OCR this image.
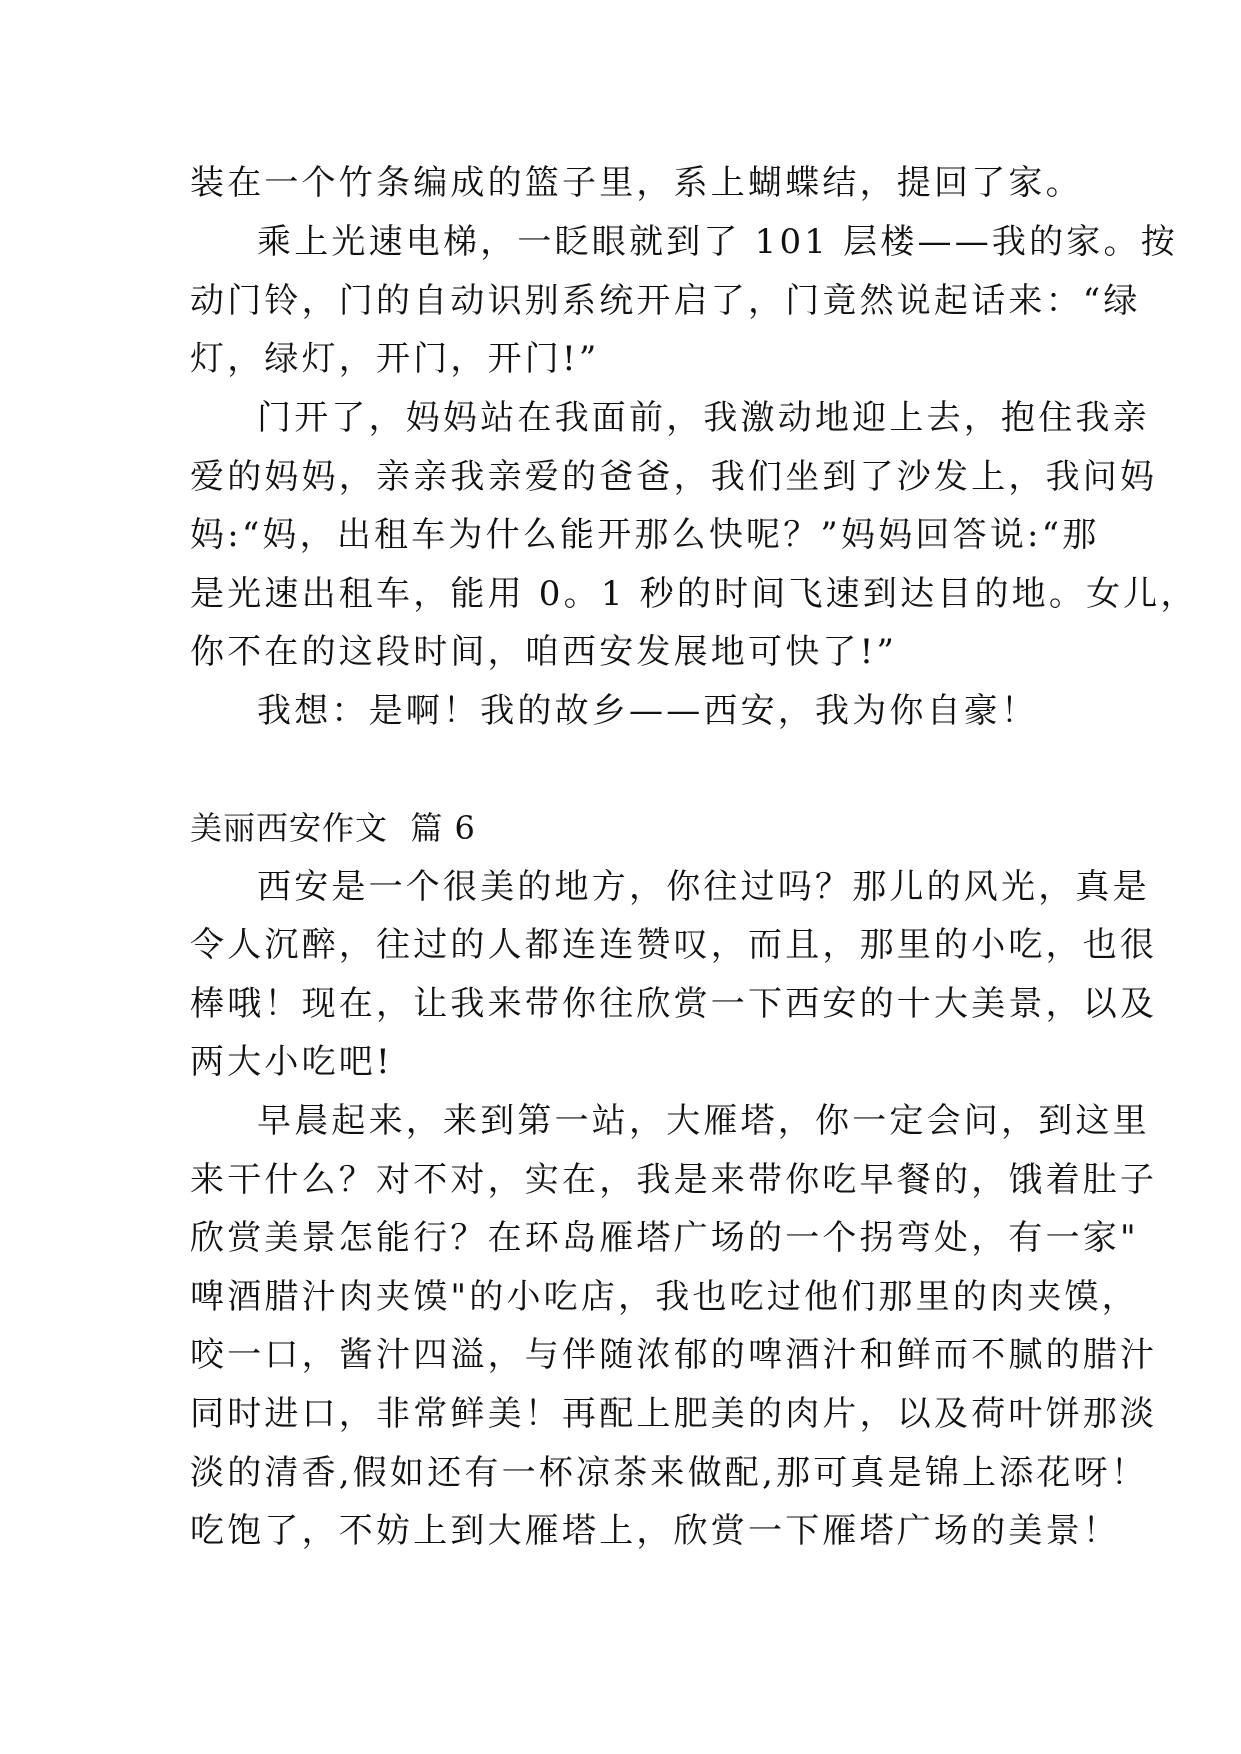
装在一个竹条编成的篮子里，系上蝴蝶结，提回了家。
乘上光速电梯，一眨眼就到了 101 层楼——我的家。按
动门铃，门的自动识别系统开启了，门竟然说起话来：“绿
灯，绿灯，开门，开门!”
门开了，妈妈站在我面前，我激动地迎上去，抱住我亲
爱的妈妈，亲亲我亲爱的爸爸，我们坐到了沙发上，我问妈
妈:“妈，出租车为什么能开那么快呢？”妈妈回答说:“那
是光速出租车，能用 0。1 秒的时间飞速到达目的地。女儿，
你不在的这段时间，咱西安发展地可快了!”
我想：是啊！我的故乡——西安，我为你自豪！
美丽西安作文  篇 6
西安是一个很美的地方，你往过吗？那儿的风光，真是
令人沉醉，往过的人都连连赞叹，而且，那里的小吃，也很
棒哦！现在，让我来带你往欣赏一下西安的十大美景，以及
两大小吃吧!
早晨起来，来到第一站，大雁塔，你一定会问，到这里
来干什么？对不对，实在，我是来带你吃早餐的，饿着肚子
欣赏美景怎能行？在环岛雁塔广场的一个拐弯处，有一家"
啤酒腊汁肉夹馍"的小吃店，我也吃过他们那里的肉夹馍，
咬一口，酱汁四溢，与伴随浓郁的啤酒汁和鲜而不腻的腊汁
同时进口，非常鲜美！再配上肥美的肉片，以及荷叶饼那淡
淡的清香,假如还有一杯凉茶来做配,那可真是锦上添花呀！
吃饱了，不妨上到大雁塔上，欣赏一下雁塔广场的美景！
